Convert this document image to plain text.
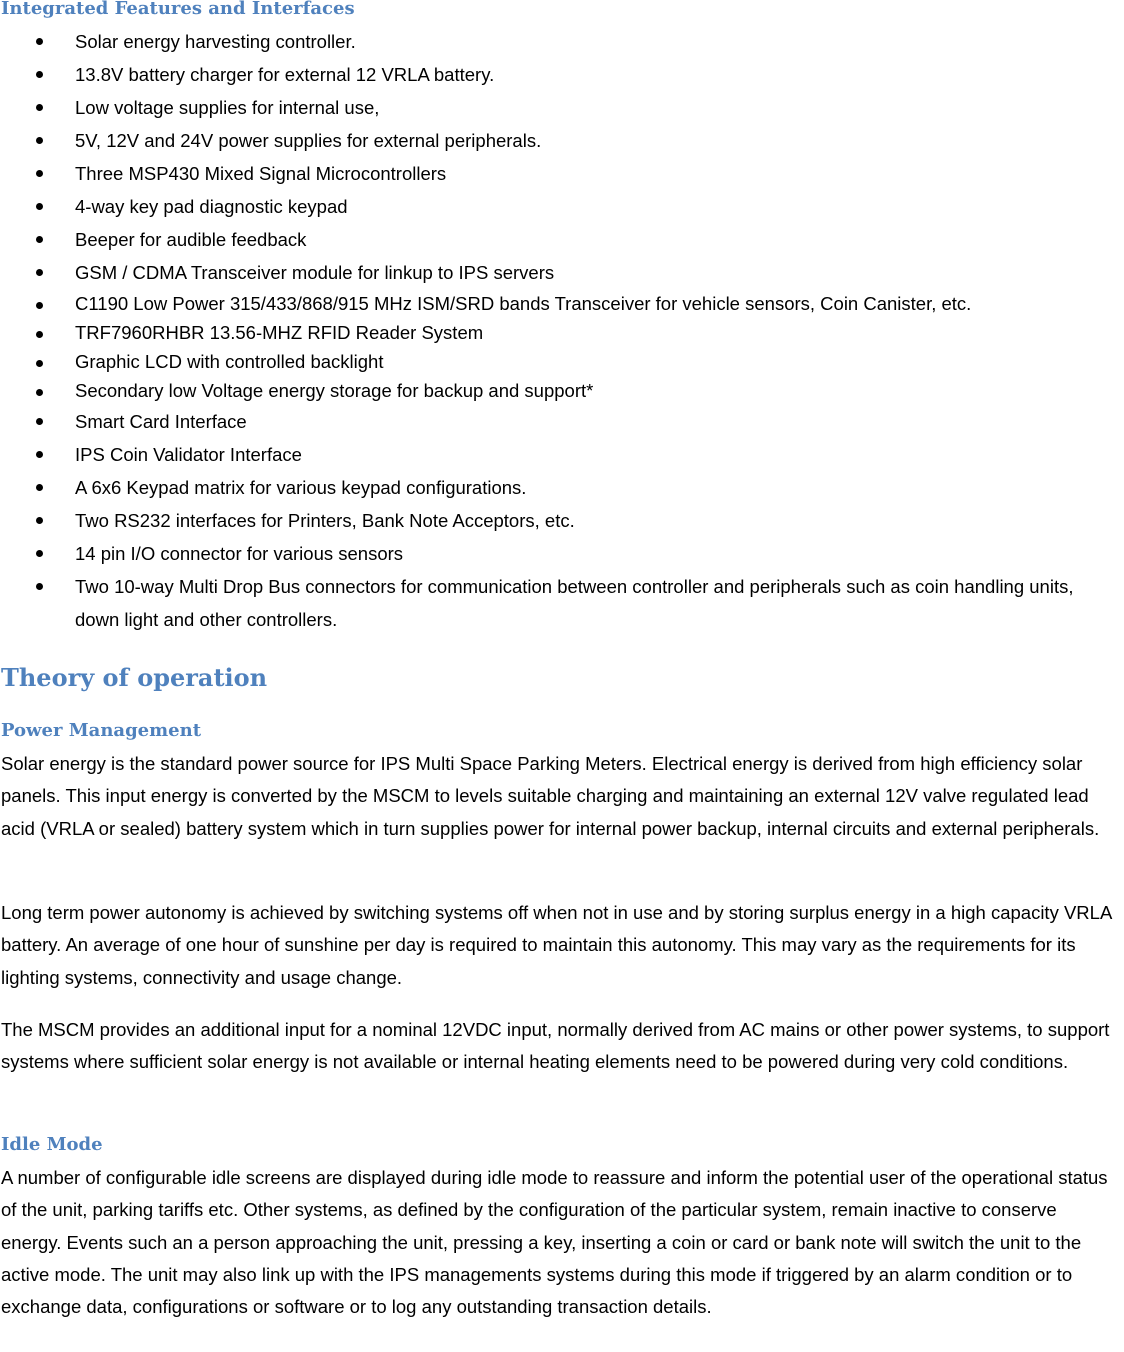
Integrated Features and Interfaces
Solar energy harvesting controller.
13.8V battery charger for external 12 VRLA battery.
Low voltage supplies for internal use,
5V, 12V and 24V power supplies for external peripherals.
Three MSP430 Mixed Signal Microcontrollers
4-way key pad diagnostic keypad
Beeper for audible feedback
GSM / CDMA Transceiver module for linkup to IPS servers
C1190 Low Power 315/433/868/915 MHz ISM/SRD bands Transceiver for vehicle sensors, Coin Canister, etc.
TRF7960RHBR 13.56-MHZ RFID Reader System
Graphic LCD with controlled backlight
Secondary low Voltage energy storage for backup and support*
Smart Card Interface
IPS Coin Validator Interface
A 6x6 Keypad matrix for various keypad configurations.
Two RS232 interfaces for Printers, Bank Note Acceptors, etc.
14 pin I/O connector for various sensors
Two 10-way Multi Drop Bus connectors for communication between controller and peripherals such as coin handling units, down light and other controllers.
Theory of operation
Power Management

Solar energy is the standard power source for IPS Multi Space Parking Meters. Electrical energy is derived from high efficiency solar panels. This input energy is converted by the MSCM to levels suitable charging and maintaining an external 12V valve regulated lead acid (VRLA or sealed) battery system which in turn supplies power for internal power backup, internal circuits and external peripherals.

Long term power autonomy is achieved by switching systems off when not in use and by storing surplus energy in a high capacity VRLA battery. An average of one hour of sunshine per day is required to maintain this autonomy. This may vary as the requirements for its lighting systems, connectivity and usage change.

The MSCM provides an additional input for a nominal 12VDC input, normally derived from AC mains or other power systems, to support systems where sufficient solar energy is not available or internal heating elements need to be powered during very cold conditions.

Idle Mode

A number of configurable idle screens are displayed during idle mode to reassure and inform the potential user of the operational status of the unit, parking tariffs etc. Other systems, as defined by the configuration of the particular system, remain inactive to conserve energy. Events such an a person approaching the unit, pressing a key, inserting a coin or card or bank note will switch the unit to the active mode. The unit may also link up with the IPS managements systems during this mode if triggered by an alarm condition or to exchange data, configurations or software or to log any outstanding transaction details.
